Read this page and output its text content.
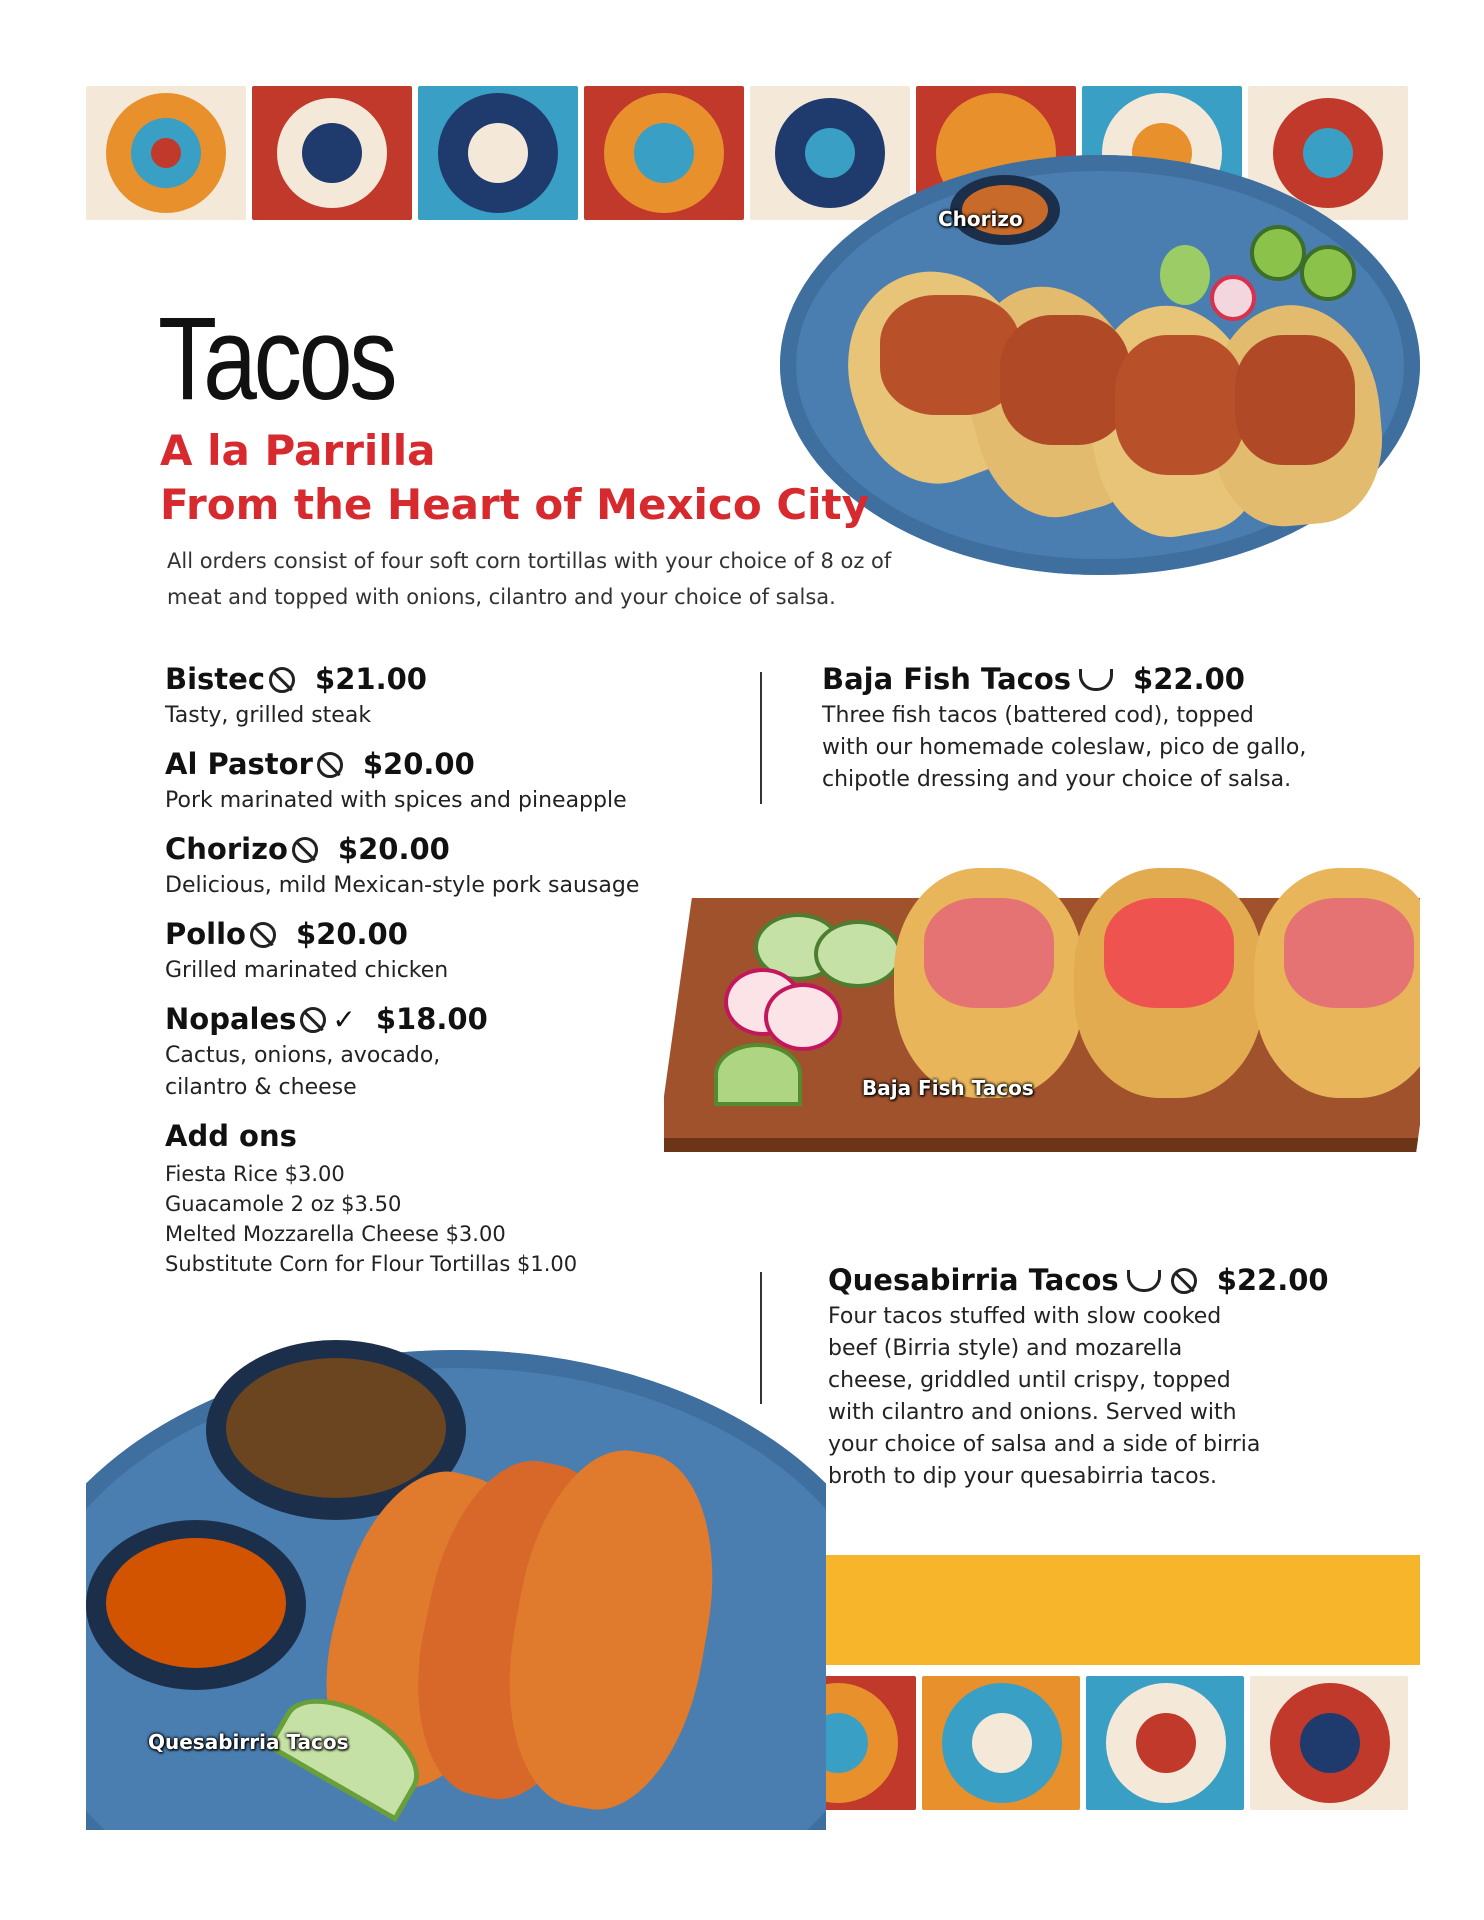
Chorizo
Tacos
A la Parrilla
From the Heart of Mexico City
All orders consist of four soft corn tortillas with your choice of 8 oz of
meat and topped with onions, cilantro and your choice of salsa.
Bistec $21.00
Tasty, grilled steak
Al Pastor $20.00
Pork marinated with spices and pineapple
Chorizo $20.00
Delicious, mild Mexican-style pork sausage
Pollo $20.00
Grilled marinated chicken
Nopales ✓ $18.00
Cactus, onions, avocado,
cilantro & cheese
Add ons
Fiesta Rice $3.00
Guacamole 2 oz $3.50
Melted Mozzarella Cheese $3.00
Substitute Corn for Flour Tortillas $1.00
Baja Fish Tacos $22.00
Three fish tacos (battered cod), topped
with our homemade coleslaw, pico de gallo,
chipotle dressing and your choice of salsa.
Baja Fish Tacos
Quesabirria Tacos	$22.00
Four tacos stuffed with slow cooked
beef (Birria style) and mozarella
cheese, griddled until crispy, topped
with cilantro and onions. Served with
your choice of salsa and a side of birria
broth to dip your quesabirria tacos.
Quesabirria Tacos
